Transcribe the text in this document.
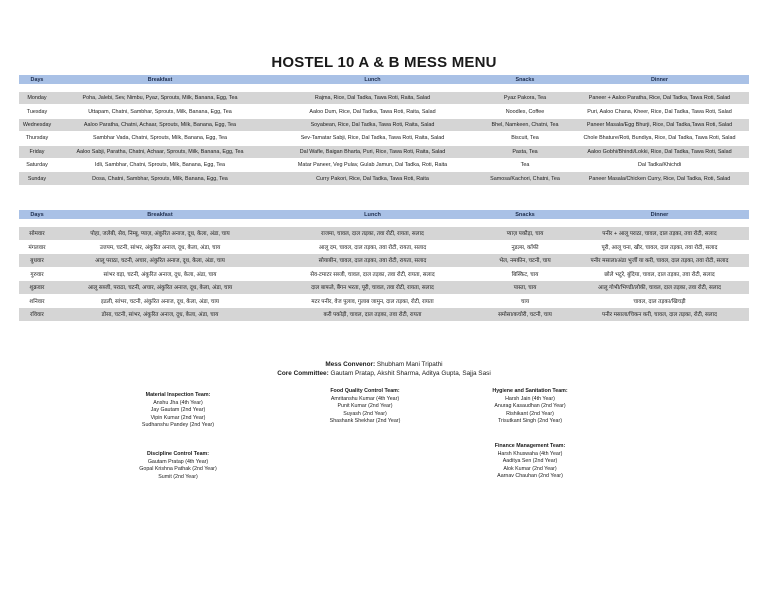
HOSTEL 10 A & B MESS MENU
Days	Breakfast	Lunch	Snacks	Dinner

Monday	Poha, Jalebi, Sev, Nimbu, Pyaz, Sprouts, Milk, Banana, Egg, Tea	Rajma, Rice, Dal Tadka, Tawa Roti, Raita, Salad	Pyaz Pakora, Tea	Paneer + Aaloo Paratha, Rice, Dal Tadka, Tawa Roti, Salad
Tuesday	Uttapam, Chatni, Sambhar, Sprouts, Milk, Banana, Egg, Tea	Aaloo Dum, Rice, Dal Tadka, Tawa Roti, Raita, Salad	Noodles, Coffee	Puri, Aaloo Chana, Kheer, Rice, Dal Tadka, Tawa Roti, Salad
Wednesday	Aaloo Paratha, Chatni, Achaar, Sprouts, Milk, Banana, Egg, Tea	Soyabean, Rice, Dal Tadka, Tawa Roti, Raita, Salad	Bhel, Namkeen, Chatni, Tea	Paneer Masala/Egg Bhurji, Rice, Dal Tadka,Tawa Roti, Salad
Thursday	Sambhar Vada, Chatni, Sprouts, Milk, Banana, Egg, Tea	Sev-Tamatar Sabji, Rice, Dal Tadka, Tawa Roti, Raita, Salad	Biscuit, Tea	Chole Bhature/Roti, Bundiya, Rice, Dal Tadka, Tawa Roti, Salad
Friday	Aaloo Sabji, Paratha, Chatni, Achaar, Sprouts, Milk, Banana, Egg, Tea	Dal Wafle, Baigan Bharta, Puri, Rice, Tawa Roti, Raita, Salad	Pasta, Tea	Aaloo Gobhi/Bhindi/Lokki, Rice, Dal Tadka, Tawa Roti, Salad
Saturday	Idli, Sambhar, Chatni, Sprouts, Milk, Banana, Egg, Tea	Matar Paneer, Veg Pulav, Gulab Jamun, Dal Tadka, Roti, Raita	Tea	Dal Tadka/Khichdi
Sunday	Dosa, Chatni, Sambhar, Sprouts, Milk, Banana, Egg, Tea	Curry Pakori, Rice, Dal Tadka, Tawa Roti, Raita	Samosa/Kachori, Chatni, Tea	Paneer Masala/Chicken Curry, Rice, Dal Tadka, Roti, Salad
Days	Breakfast	Lunch	Snacks	Dinner

सोमवार	पोहा, जलेबी, सेव, निम्बू, प्याज़, अंकुरित अनाज, दूध, केला, अंडा, चाय	राजमा, चावल, दाल तड़का, तवा रोटी, रायता, सलाद	प्याज़ पकौड़ा, चाय	पनीर + आलू पराठा, चावल, दाल तड़का, तवा रोटी, सलाद
मंगलवार	उत्तपम, चटनी, सांभर, अंकुरित अनाज, दूध, केला, अंडा, चाय	आलू दम, चावल, दाल तड़का, तवा रोटी, रायता, सलाद	नूडल्स, कॉफी	पूरी, आलू चना, खीर, चावल, दाल तड़का, तवा रोटी, सलाद
बुधवार	आलू पराठा, चटनी, अचार, अंकुरित अनाज, दूध, केला, अंडा, चाय	सोयाबीन, चावल, दाल तड़का, तवा रोटी, रायता, सलाद	भेल, नमकीन, चटनी, चाय	पनीर मसाला/अंडा भुर्जी या करी, चावल, दाल तड़का, तवा रोटी, सलाद
गुरुवार	सांभर वड़ा, चटनी, अंकुरित अनाज, दूध, केला, अंडा, चाय	सेव-टमाटर सब्जी, चावल, दाल तड़का, तवा रोटी, रायता, सलाद	बिस्किट, चाय	छोले भटूरे, बुंदिया, चावल, दाल तड़का, तवा रोटी, सलाद
शुक्रवार	आलू सब्जी, पराठा, चटनी, अचार, अंकुरित अनाज, दूध, केला, अंडा, चाय	दाल बाफले, बैंगन भरता, पूरी, चावल, तवा रोटी, रायता, सलाद	पास्ता, चाय	आलू गोभी/भिण्डी/लोकी, चावल, दाल तड़का, तवा रोटी, सलाद
शनिवार	इडली, सांभर, चटनी, अंकुरित अनाज, दूध, केला, अंडा, चाय	मटर पनीर, वेज पुलाव, गुलाब जामुन, दाल तड़का, रोटी, रायता	चाय	चावल, दाल तड़का/खिचड़ी
रविवार	डोसा, चटनी, सांभर, अंकुरित अनाज, दूध, केला, अंडा, चाय	करी पकोड़ी, चावल, दाल तड़का, तवा रोटी, रायता	समोसा/कचोरी, चटनी, चाय	पनीर मसाला/चिकन करी, चावल, दाल तड़का, रोटी, सलाद
Mess Convenor: Shubham Mani Tripathi
Core Committee: Gautam Pratap, Akshit Sharma, Aditya Gupta, Sajja Sasi
Material Inspection Team:
Anshu Jha (4th Year)
Jay Gautam (2nd Year)
Vipin Kumar (2nd Year)
Sudhanshu Pandey (2nd Year)
Food Quality Control Team:
Amritanshu Kumar (4th Year)
Punit Kumar (2nd Year)
Suyash (2nd Year)
Shashank Shekhar (2nd Year)
Hygiene and Sanitation Team:
Harsh Jain (4th Year)
Anurag Kasaudhan (2nd Year)
Rishikant (2nd Year)
Trisutkant Singh (2nd Year)
Discipline Control Team:
Gautam Pratap (4th Year)
Gopal Krishna Pathak (2nd Year)
Sumit (2nd Year)
Finance Management Team:
Harsh Khuswaha (4th Year)
Aaditya Sen (2nd Year)
Alok Kumar (2nd Year)
Aarnav Chauhan (2nd Year)
